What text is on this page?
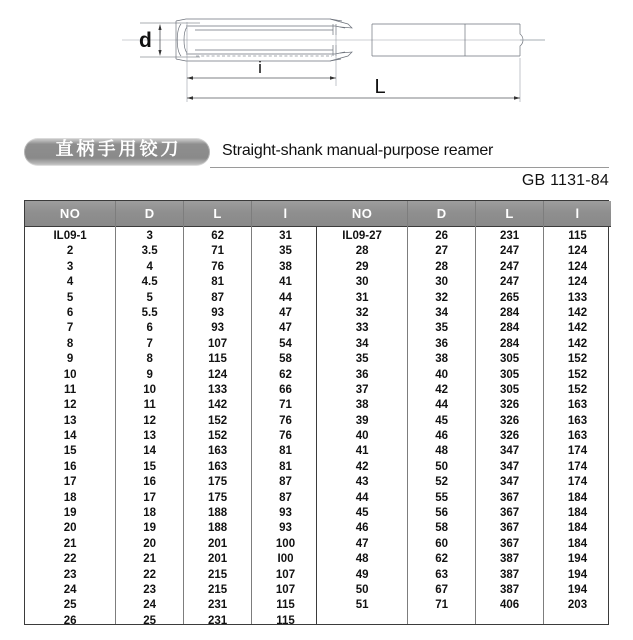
d
i
L
直柄手用铰刀	Straight-shank manual-purpose reamer
GB 1131-84
NO
IL09-1
2
3
4
5
6
7
8
9
10
11
12
13
14
15
16
17
18
19
20
21
22
23
24
25
26
D
3
3.5
4
4.5
5
5.5
6
7
8
9
10
11
12
13
14
15
16
17
18
19
20
21
22
23
24
25
L
62
71
76
81
87
93
93
107
115
124
133
142
152
152
163
163
175
175
188
188
201
201
215
215
231
231
l
31
35
38
41
44
47
47
54
58
62
66
71
76
76
81
81
87
87
93
93
100
I00
107
107
115
115
NO
IL09-27
28
29
30
31
32
33
34
35
36
37
38
39
40
41
42
43
44
45
46
47
48
49
50
51

D
26
27
28
30
32
34
35
36
38
40
42
44
45
46
48
50
52
55
56
58
60
62
63
67
71

L
231
247
247
247
265
284
284
284
305
305
305
326
326
326
347
347
347
367
367
367
367
387
387
387
406

l
115
124
124
124
133
142
142
142
152
152
152
163
163
163
174
174
174
184
184
184
184
194
194
194
203
